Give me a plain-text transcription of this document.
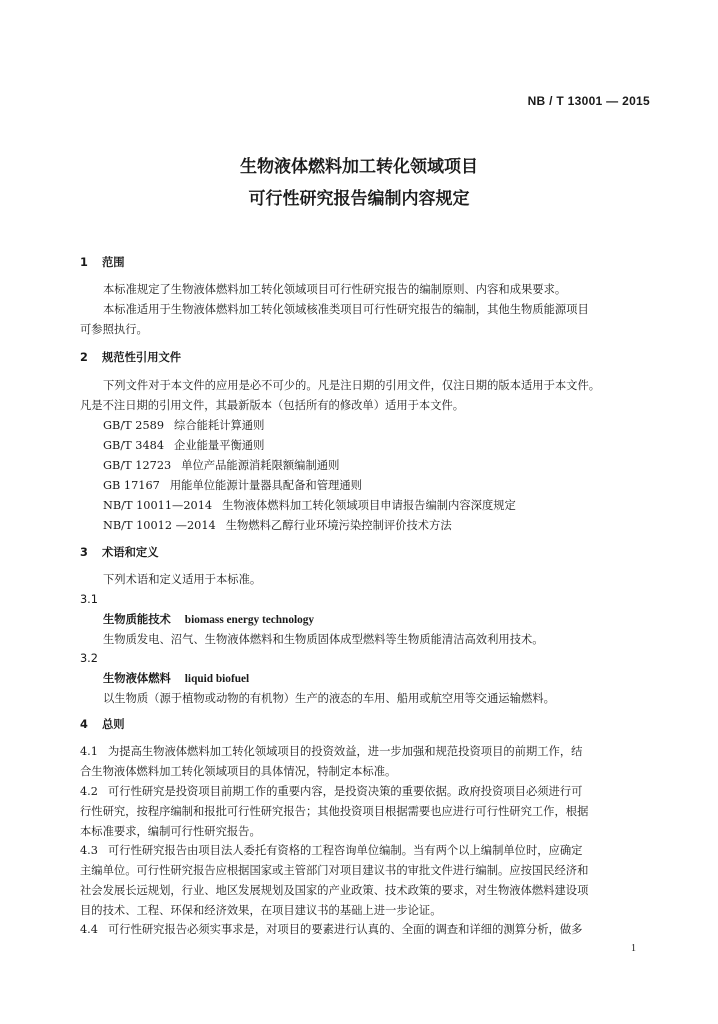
NB / T 13001 — 2015
生物液体燃料加工转化领域项目
可行性研究报告编制内容规定
1 范围
本标准规定了生物液体燃料加工转化领域项目可行性研究报告的编制原则、内容和成果要求。
本标准适用于生物液体燃料加工转化领域核准类项目可行性研究报告的编制，其他生物质能源项目
可参照执行。
2 规范性引用文件
下列文件对于本文件的应用是必不可少的。凡是注日期的引用文件，仅注日期的版本适用于本文件。
凡是不注日期的引用文件，其最新版本（包括所有的修改单）适用于本文件。
GB/T 2589 综合能耗计算通则
GB/T 3484 企业能量平衡通则
GB/T 12723 单位产品能源消耗限额编制通则
GB 17167 用能单位能源计量器具配备和管理通则
NB/T 10011—2014 生物液体燃料加工转化领域项目申请报告编制内容深度规定
NB/T 10012 —2014 生物燃料乙醇行业环境污染控制评价技术方法
3 术语和定义
下列术语和定义适用于本标准。
3.1
生物质能技术 biomass energy technology
生物质发电、沼气、生物液体燃料和生物质固体成型燃料等生物质能清洁高效利用技术。
3.2
生物液体燃料 liquid biofuel
以生物质（源于植物或动物的有机物）生产的液态的车用、船用或航空用等交通运输燃料。
4 总则
4.1 为提高生物液体燃料加工转化领域项目的投资效益，进一步加强和规范投资项目的前期工作，结
合生物液体燃料加工转化领域项目的具体情况，特制定本标准。
4.2 可行性研究是投资项目前期工作的重要内容，是投资决策的重要依据。政府投资项目必须进行可
行性研究，按程序编制和报批可行性研究报告；其他投资项目根据需要也应进行可行性研究工作，根据
本标准要求，编制可行性研究报告。
4.3 可行性研究报告由项目法人委托有资格的工程咨询单位编制。当有两个以上编制单位时，应确定
主编单位。可行性研究报告应根据国家或主管部门对项目建议书的审批文件进行编制。应按国民经济和
社会发展长远规划，行业、地区发展规划及国家的产业政策、技术政策的要求，对生物液体燃料建设项
目的技术、工程、环保和经济效果，在项目建议书的基础上进一步论证。
4.4 可行性研究报告必须实事求是，对项目的要素进行认真的、全面的调查和详细的测算分析，做多
1
